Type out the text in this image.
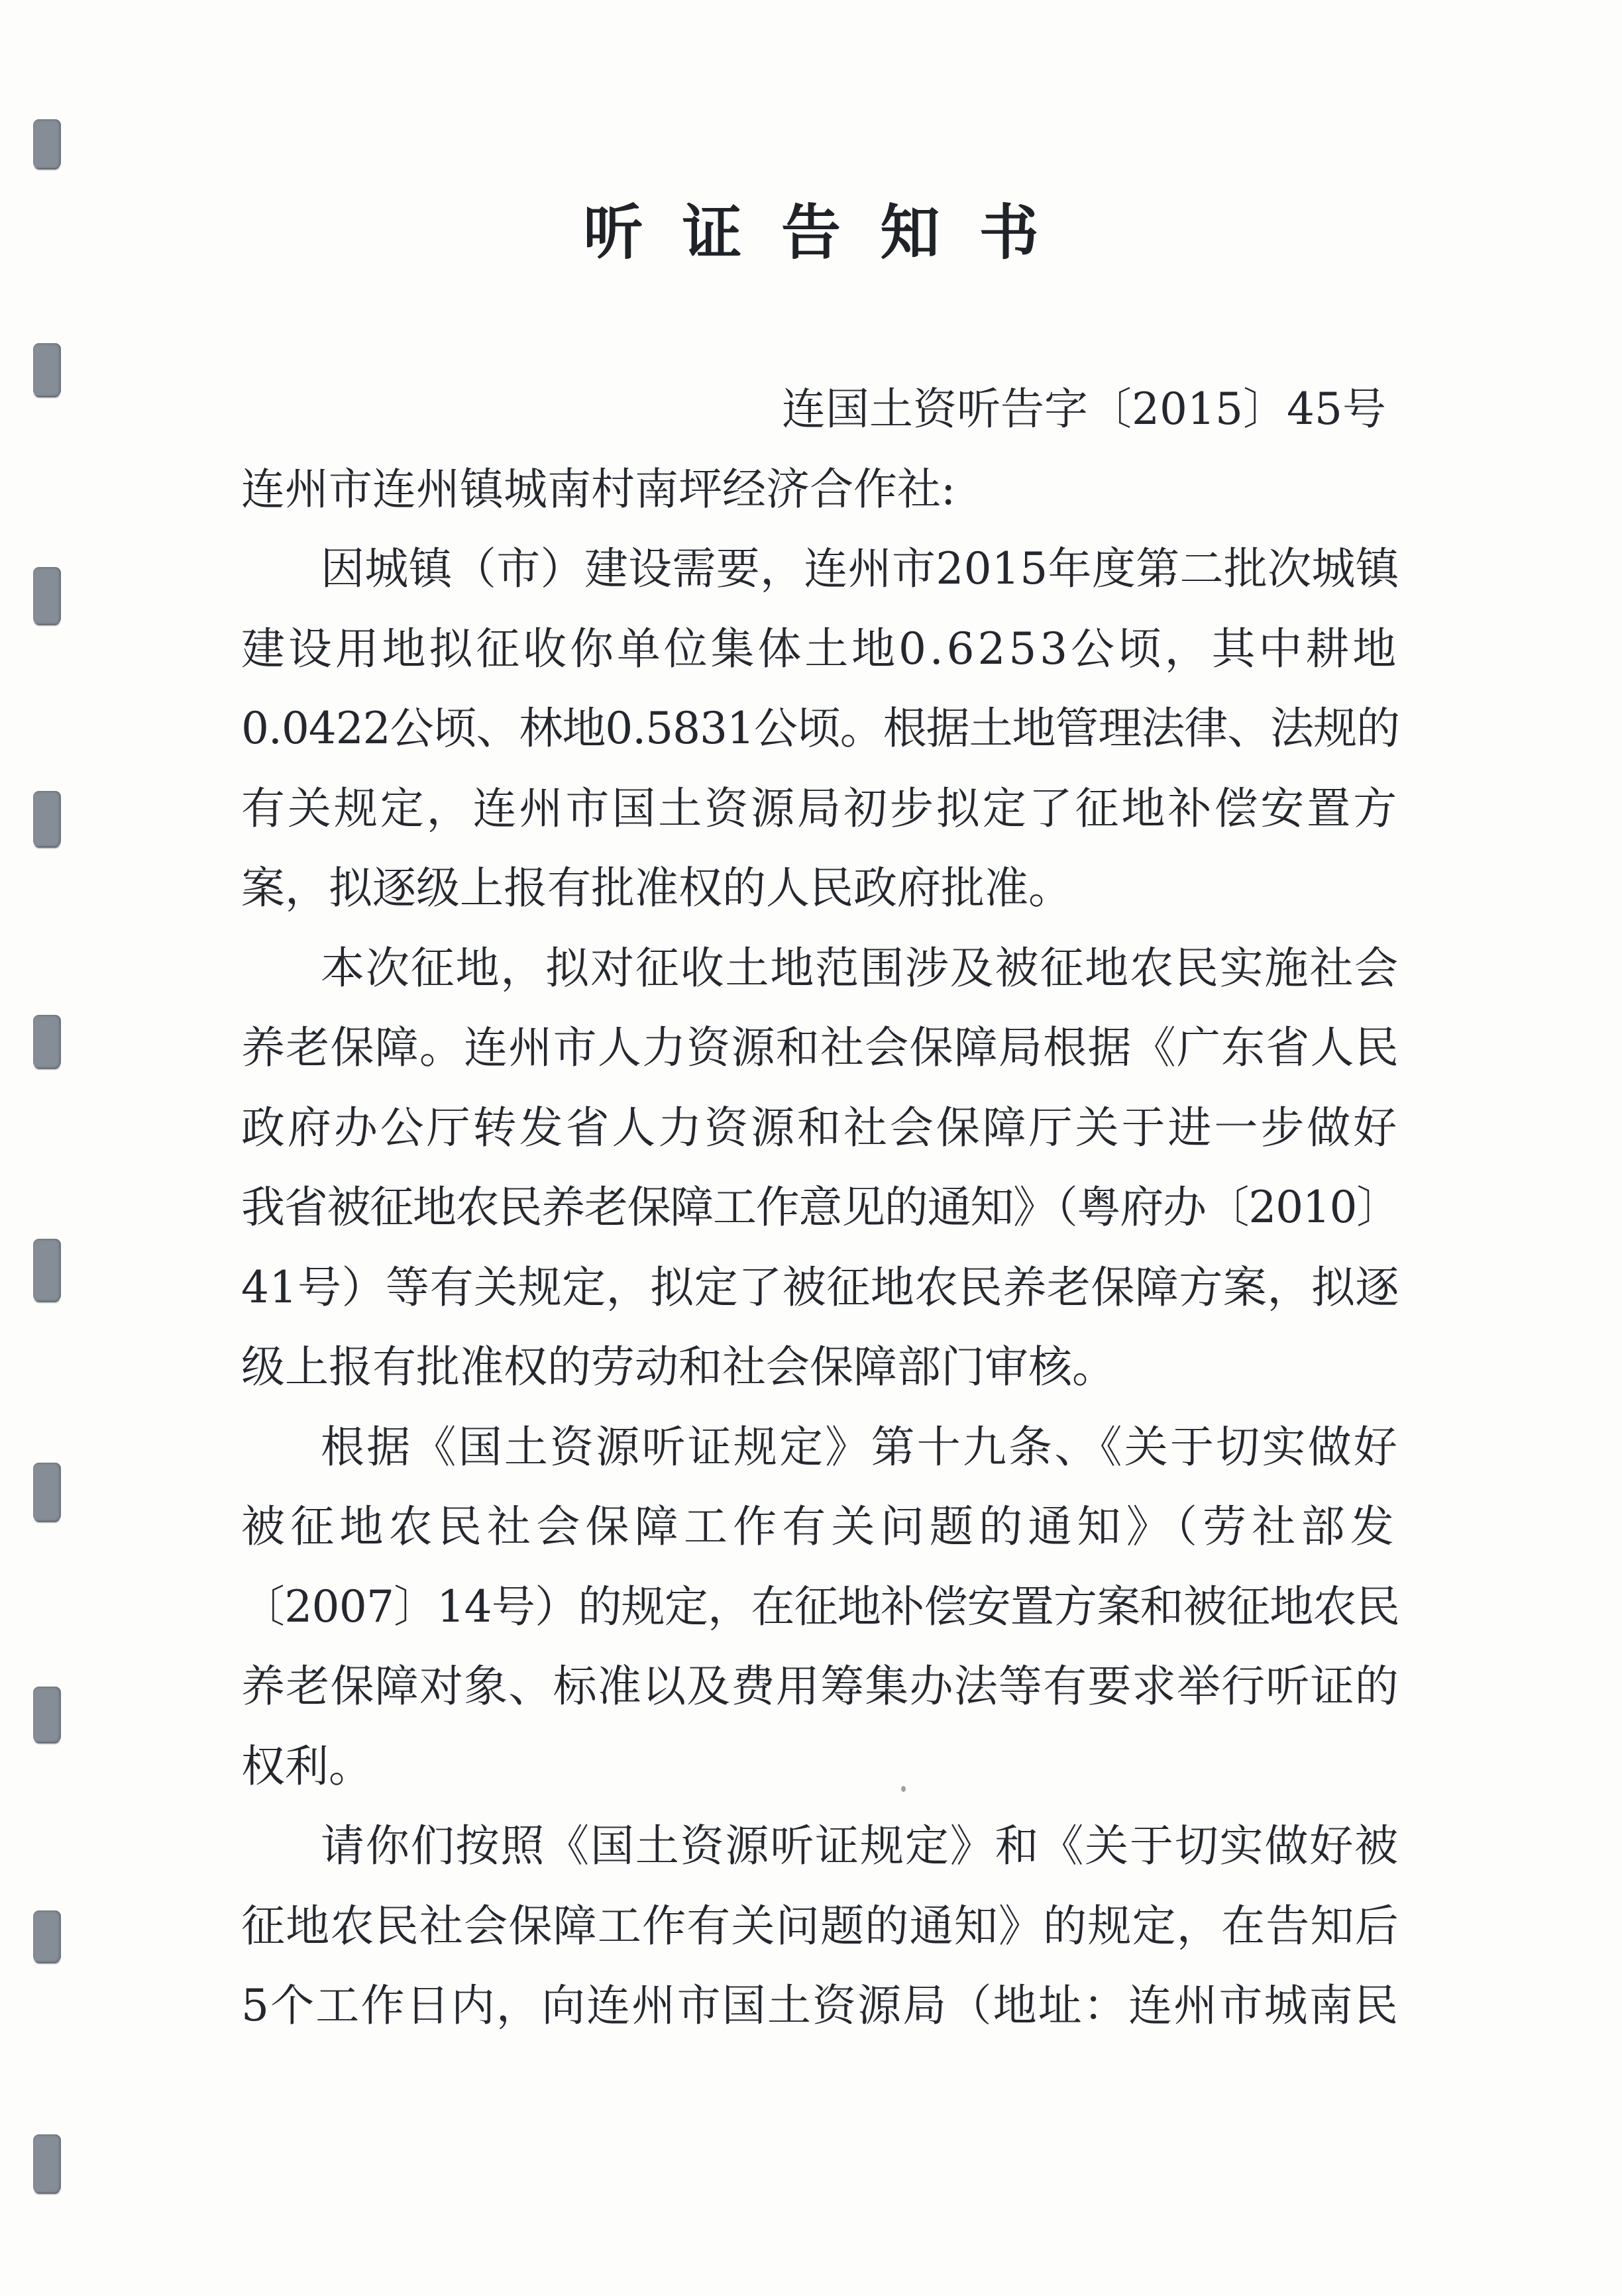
听 证 告 知 书
连国土资听告字〔2015〕45号
连州市连州镇城南村南坪经济合作社:
因城镇（市）建设需要，连州市2015年度第二批次城镇
建设用地拟征收你单位集体土地0.6253公顷，其中耕地
0.0422公顷、林地0.5831公顷。根据土地管理法律、法规的
有关规定，连州市国土资源局初步拟定了征地补偿安置方
案，拟逐级上报有批准权的人民政府批准。
本次征地，拟对征收土地范围涉及被征地农民实施社会
养老保障。连州市人力资源和社会保障局根据《广东省人民
政府办公厅转发省人力资源和社会保障厅关于进一步做好
我省被征地农民养老保障工作意见的通知》（粤府办〔2010〕
41号）等有关规定，拟定了被征地农民养老保障方案，拟逐
级上报有批准权的劳动和社会保障部门审核。
根据《国土资源听证规定》第十九条、《关于切实做好
被征地农民社会保障工作有关问题的通知》（劳社部发
〔2007〕14号）的规定，在征地补偿安置方案和被征地农民
养老保障对象、标准以及费用筹集办法等有要求举行听证的
权利。
请你们按照《国土资源听证规定》和《关于切实做好被
征地农民社会保障工作有关问题的通知》的规定，在告知后
5个工作日内，向连州市国土资源局（地址：连州市城南民
